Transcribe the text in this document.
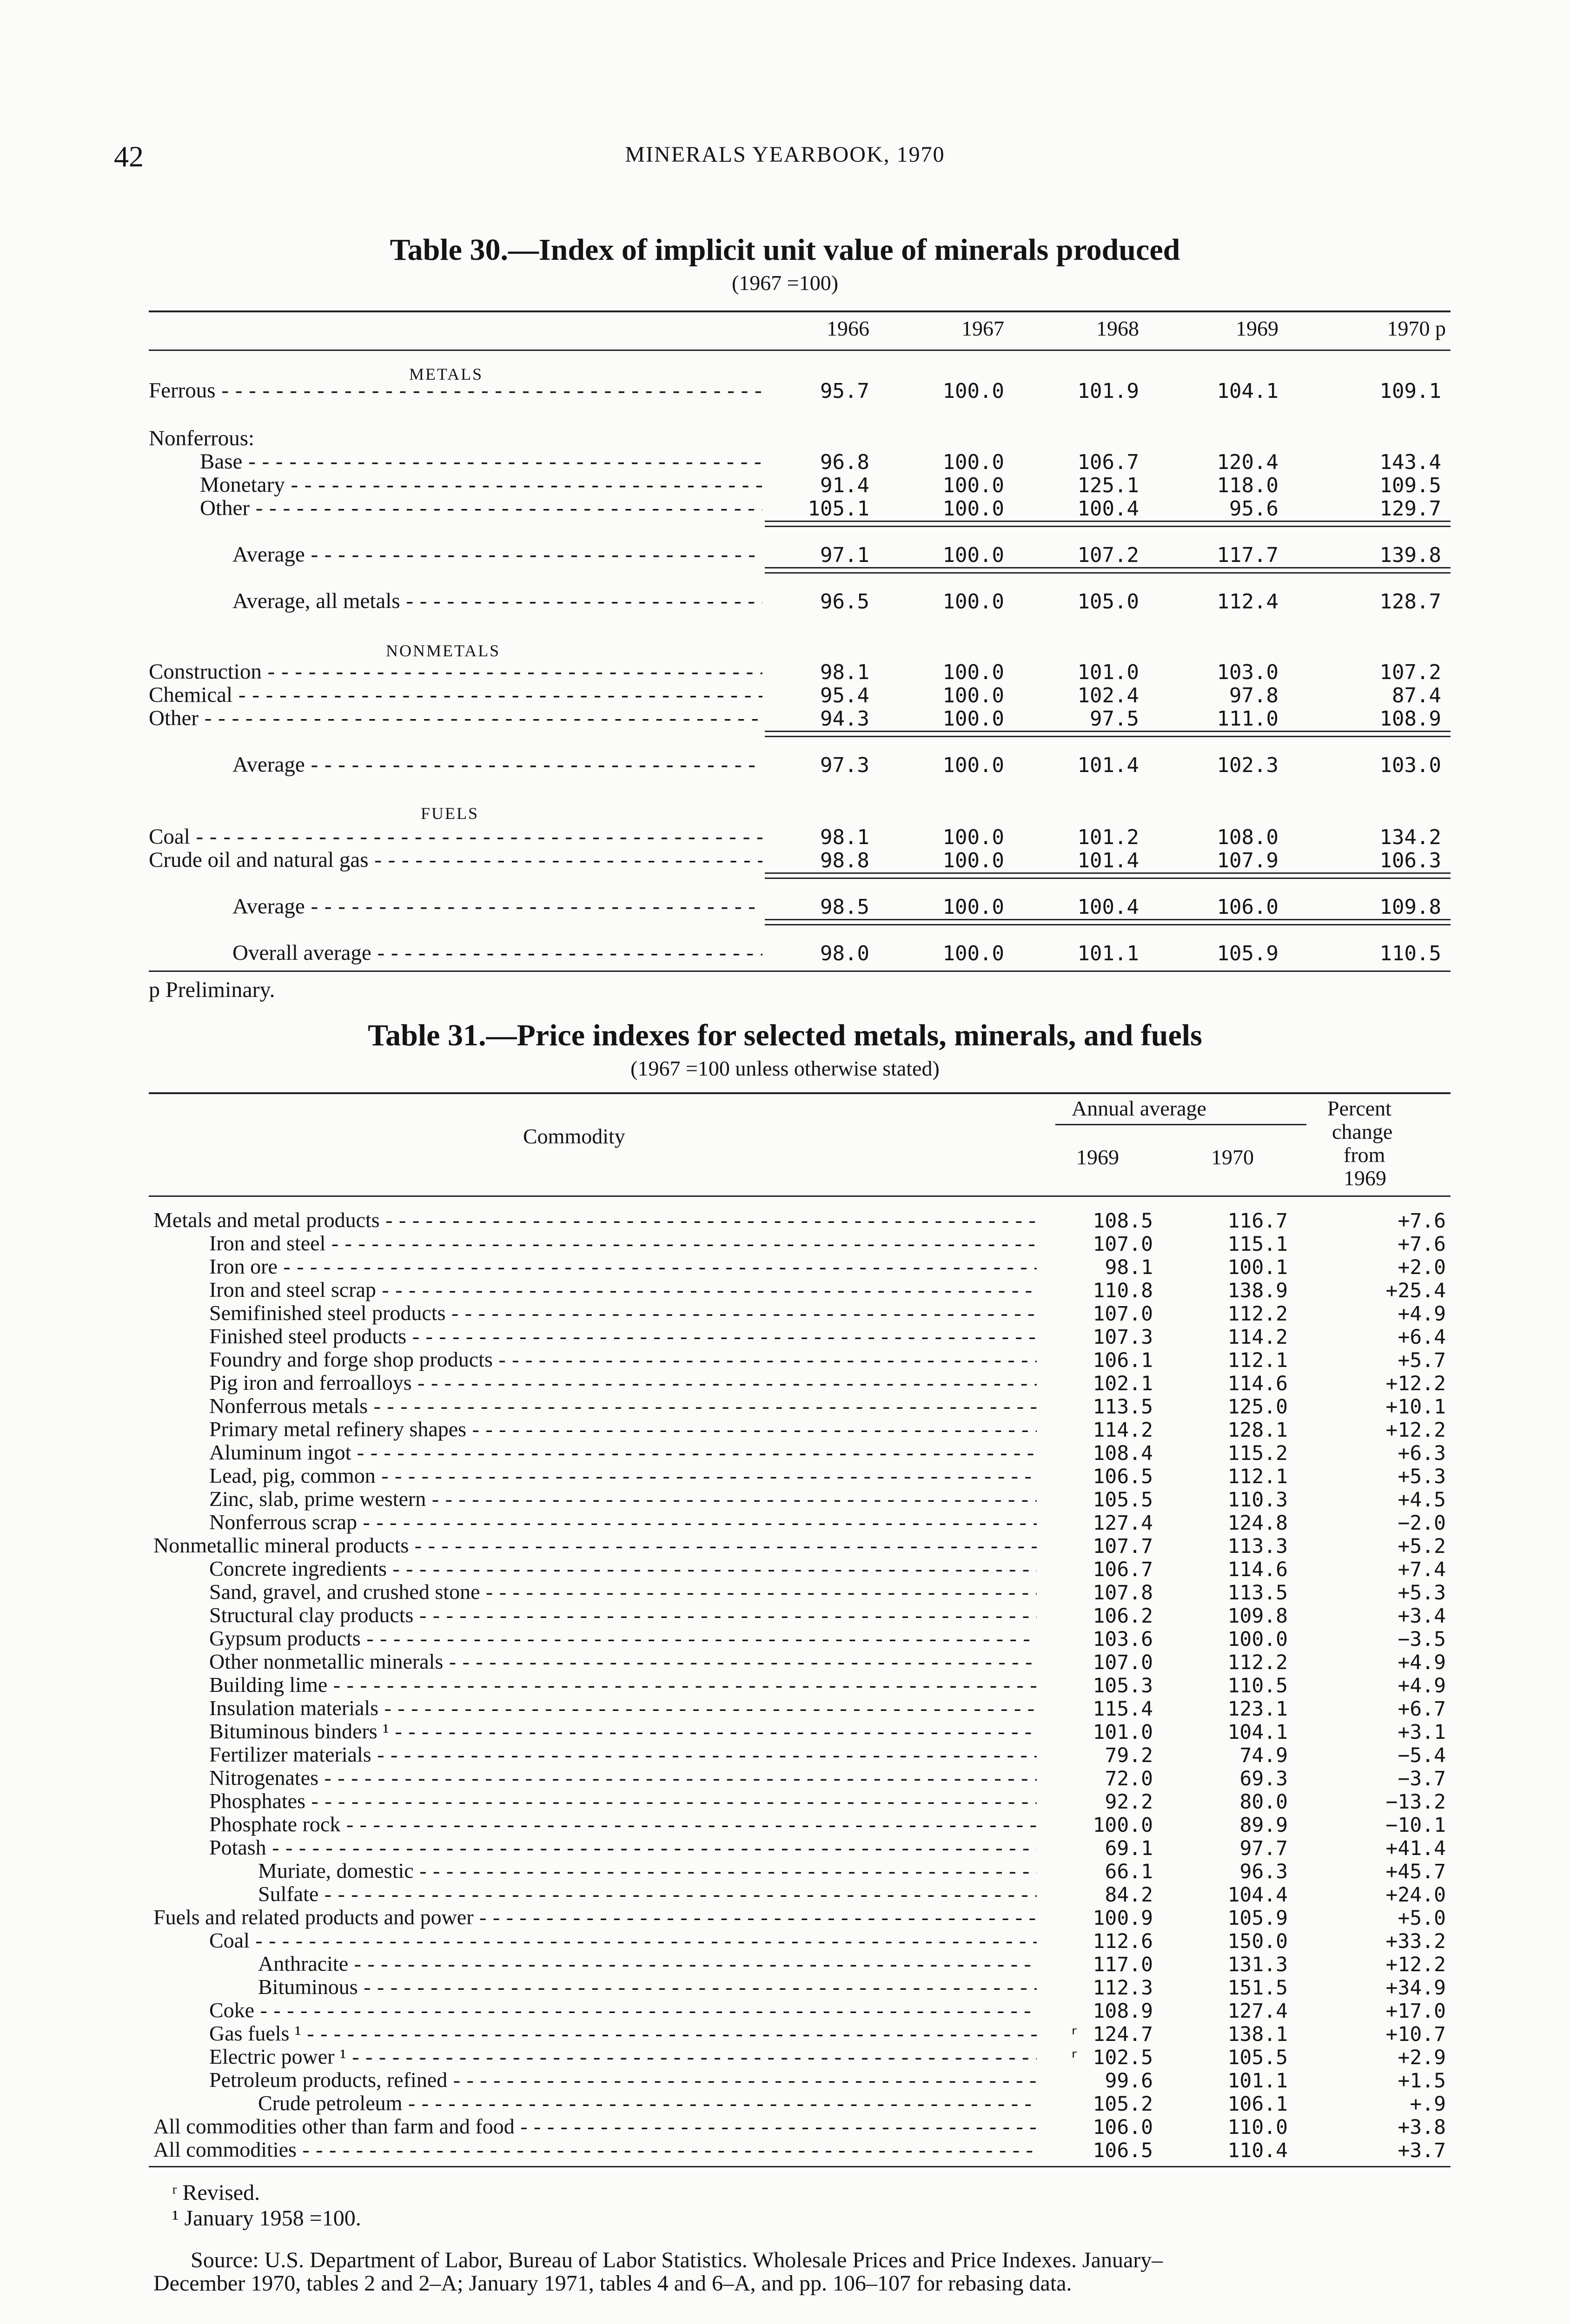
42	MINERALS YEARBOOK, 1970
Table 30.—Index of implicit unit value of minerals produced
(1967 =100)
1966	1967	1968	1969	1970 p
METALS
Ferrous - - -	95.7	100.0	101.9	104.1	109.1
Nonferrous:
Base - - -	96.8	100.0	106.7	120.4	143.4
Monetary - - -	91.4	100.0	125.1	118.0	109.5
Other - - -	105.1	100.0	100.4	95.6	129.7
Average - - -	97.1	100.0	107.2	117.7	139.8
Average, all metals - - -	96.5	100.0	105.0	112.4	128.7
Construction - - -	98.1	100.0	101.0	103.0	107.2
Chemical - - -	95.4	100.0	102.4	97.8	87.4
Other - - -	94.3	100.0	97.5	111.0	108.9
Average - - -	97.3	100.0	101.4	102.3	103.0
Coal - - -	98.1	100.0	101.2	108.0	134.2
Crude oil and natural gas - - -	98.8	100.0	101.4	107.9	106.3
Average - - -	98.5	100.0	100.4	106.0	109.8
Overall average - - -	98.0	100.0	101.1	105.9	110.5
NONMETALS
FUELS
p Preliminary.
Table 31.—Price indexes for selected metals, minerals, and fuels
(1967 =100 unless otherwise stated)
Commodity
Annual average
1969	1970
Percent
change
from
1969
Metals and metal products - - -	108.5	116.7	+7.6
Iron and steel - - -	107.0	115.1	+7.6
Iron ore - - -	98.1	100.1	+2.0
Iron and steel scrap - - -	110.8	138.9	+25.4
Semifinished steel products - - -	107.0	112.2	+4.9
Finished steel products - - -	107.3	114.2	+6.4
Foundry and forge shop products - - -	106.1	112.1	+5.7
Pig iron and ferroalloys - - -	102.1	114.6	+12.2
Nonferrous metals - - -	113.5	125.0	+10.1
Primary metal refinery shapes - - -	114.2	128.1	+12.2
Aluminum ingot - - -	108.4	115.2	+6.3
Lead, pig, common - - -	106.5	112.1	+5.3
Zinc, slab, prime western - - -	105.5	110.3	+4.5
Nonferrous scrap - - -	127.4	124.8	−2.0
Nonmetallic mineral products - - -	107.7	113.3	+5.2
Concrete ingredients - - -	106.7	114.6	+7.4
Sand, gravel, and crushed stone - - -	107.8	113.5	+5.3
Structural clay products - - -	106.2	109.8	+3.4
Gypsum products - - -	103.6	100.0	−3.5
Other nonmetallic minerals - - -	107.0	112.2	+4.9
Building lime - - -	105.3	110.5	+4.9
Insulation materials - - -	115.4	123.1	+6.7
Bituminous binders ¹ - - -	101.0	104.1	+3.1
Fertilizer materials - - -	79.2	74.9	−5.4
Nitrogenates - - -	72.0	69.3	−3.7
Phosphates - - -	92.2	80.0	−13.2
Phosphate rock - - -	100.0	89.9	−10.1
Potash - - -	69.1	97.7	+41.4
Muriate, domestic - - -	66.1	96.3	+45.7
Sulfate - - -	84.2	104.4	+24.0
Fuels and related products and power - - -	100.9	105.9	+5.0
Coal - - -	112.6	150.0	+33.2
Anthracite - - -	117.0	131.3	+12.2
Bituminous - - -	112.3	151.5	+34.9
Coke - - -	108.9	127.4	+17.0
Gas fuels ¹ - - -	ʳ 124.7	138.1	+10.7
Electric power ¹ - - -	ʳ 102.5	105.5	+2.9
Petroleum products, refined - - -	99.6	101.1	+1.5
Crude petroleum - - -	105.2	106.1	+.9
All commodities other than farm and food - - -	106.0	110.0	+3.8
All commodities - - -	106.5	110.4	+3.7
ʳ Revised.
¹ January 1958 =100.
Source: U.S. Department of Labor, Bureau of Labor Statistics. Wholesale Prices and Price Indexes. January–
December 1970, tables 2 and 2–A; January 1971, tables 4 and 6–A, and pp. 106–107 for rebasing data.
